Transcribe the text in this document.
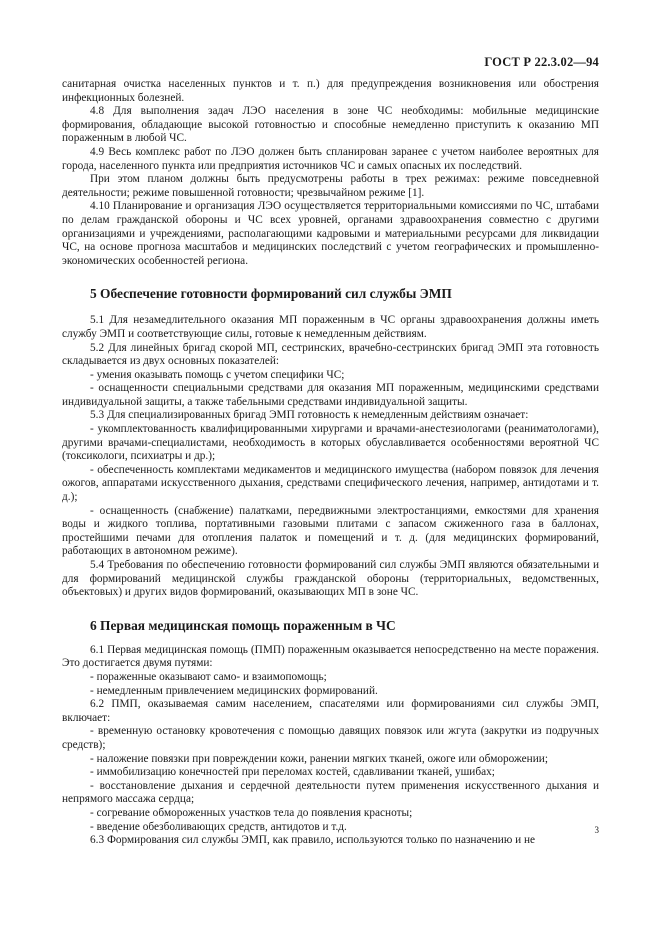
ГОСТ Р 22.3.02—94

санитарная очистка населенных пунктов и т. п.) для предупреждения возникновения или обострения инфекционных болезней.

4.8 Для выполнения задач ЛЭО населения в зоне ЧС необходимы: мобильные медицинские формирования, обладающие высокой готовностью и способные немедленно приступить к оказанию МП пораженным в любой ЧС.

4.9 Весь комплекс работ по ЛЭО должен быть спланирован заранее с учетом наиболее вероятных для города, населенного пункта или предприятия источников ЧС и самых опасных их последствий.

При этом планом должны быть предусмотрены работы в трех режимах: режиме повседневной деятельности; режиме повышенной готовности; чрезвычайном режиме [1].

4.10 Планирование и организация ЛЭО осуществляется территориальными комиссиями по ЧС, штабами по делам гражданской обороны и ЧС всех уровней, органами здравоохранения совместно с другими организациями и учреждениями, располагающими кадровыми и материальными ресурсами для ликвидации ЧС, на основе прогноза масштабов и медицинских последствий с учетом географических и промышленно-экономических особенностей региона.

5 Обеспечение готовности формирований сил службы ЭМП

5.1 Для незамедлительного оказания МП пораженным в ЧС органы здравоохранения должны иметь службу ЭМП и соответствующие силы, готовые к немедленным действиям.

5.2 Для линейных бригад скорой МП, сестринских, врачебно-сестринских бригад ЭМП эта готовность складывается из двух основных показателей:

- умения оказывать помощь с учетом специфики ЧС;

- оснащенности специальными средствами для оказания МП пораженным, медицинскими средствами индивидуальной защиты, а также табельными средствами индивидуальной защиты.

5.3 Для специализированных бригад ЭМП готовность к немедленным действиям означает:

- укомплектованность квалифицированными хирургами и врачами-анестезиологами (реаниматологами), другими врачами-специалистами, необходимость в которых обуславливается особенностями вероятной ЧС (токсикологи, психиатры и др.);

- обеспеченность комплектами медикаментов и медицинского имущества (набором повязок для лечения ожогов, аппаратами искусственного дыхания, средствами специфического лечения, например, антидотами и т. д.);

- оснащенность (снабжение) палатками, передвижными электростанциями, емкостями для хранения воды и жидкого топлива, портативными газовыми плитами с запасом сжиженного газа в баллонах, простейшими печами для отопления палаток и помещений и т. д. (для медицинских формирований, работающих в автономном режиме).

5.4 Требования по обеспечению готовности формирований сил службы ЭМП являются обязательными и для формирований медицинской службы гражданской обороны (территориальных, ведомственных, объектовых) и других видов формирований, оказывающих МП в зоне ЧС.

6 Первая медицинская помощь пораженным в ЧС

6.1 Первая медицинская помощь (ПМП) пораженным оказывается непосредственно на месте поражения. Это достигается двумя путями:

- пораженные оказывают само- и взаимопомощь;

- немедленным привлечением медицинских формирований.

6.2 ПМП, оказываемая самим населением, спасателями или формированиями сил службы ЭМП, включает:

- временную остановку кровотечения с помощью давящих повязок или жгута (закрутки из подручных средств);

- наложение повязки при повреждении кожи, ранении мягких тканей, ожоге или обморожении;

- иммобилизацию конечностей при переломах костей, сдавливании тканей, ушибах;

- восстановление дыхания и сердечной деятельности путем применения искусственного дыхания и непрямого массажа сердца;

- согревание обмороженных участков тела до появления красноты;

- введение обезболивающих средств, антидотов и т.д.

6.3 Формирования сил службы ЭМП, как правило, используются только по назначению и не

3
